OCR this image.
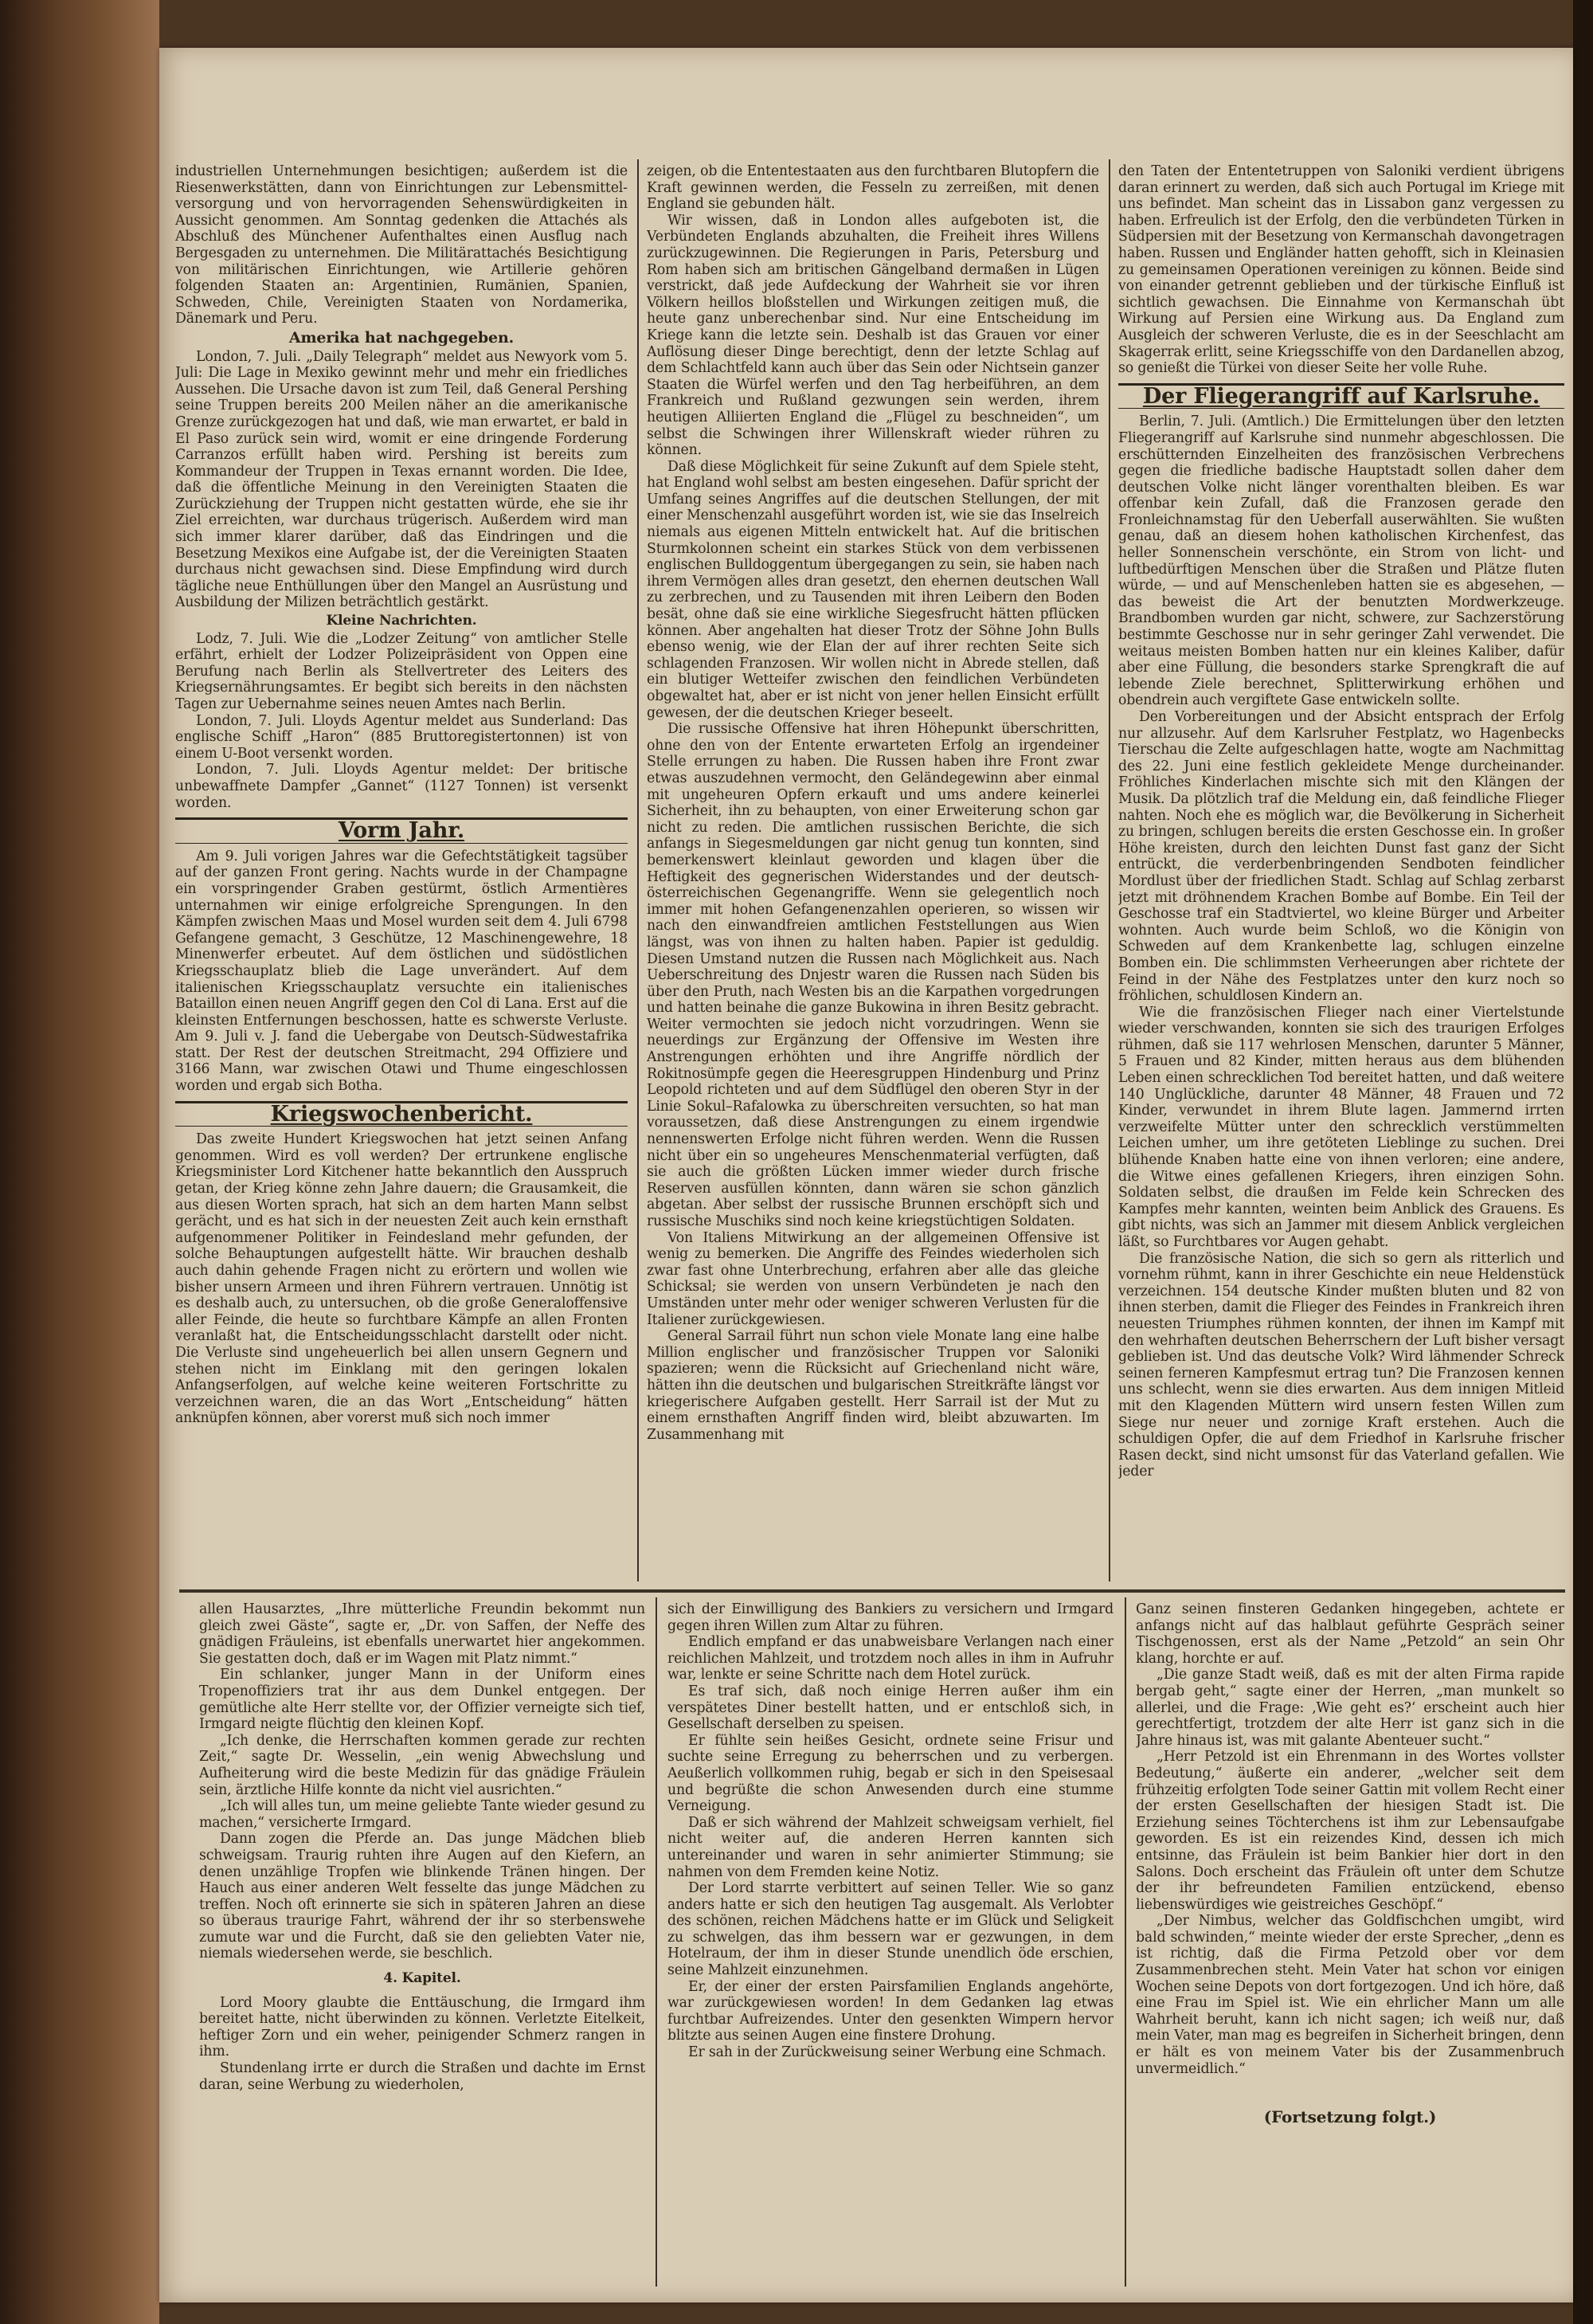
industriellen Unternehmungen besichtigen; außerdem ist die Riesenwerkstätten, dann von Einrichtungen zur Lebensmittelversorgung und von hervorragenden Sehenswürdigkeiten in Aussicht genommen. Am Sonntag gedenken die Attachés als Abschluß des Münchener Aufenthaltes einen Ausflug nach Bergesgaden zu unternehmen. Die Militärattachés Besichtigung von militärischen Einrichtungen, wie Artillerie gehören folgenden Staaten an: Argentinien, Rumänien, Spanien, Schweden, Chile, Vereinigten Staaten von Nordamerika, Dänemark und Peru.

Amerika hat nachgegeben.

London, 7. Juli. „Daily Telegraph“ meldet aus Newyork vom 5. Juli: Die Lage in Mexiko gewinnt mehr und mehr ein friedliches Aussehen. Die Ursache davon ist zum Teil, daß General Pershing seine Truppen bereits 200 Meilen näher an die amerikanische Grenze zurückgezogen hat und daß, wie man erwartet, er bald in El Paso zurück sein wird, womit er eine dringende Forderung Carranzos erfüllt haben wird. Pershing ist bereits zum Kommandeur der Truppen in Texas ernannt worden. Die Idee, daß die öffentliche Meinung in den Vereinigten Staaten die Zurückziehung der Truppen nicht gestatten würde, ehe sie ihr Ziel erreichten, war durchaus trügerisch. Außerdem wird man sich immer klarer darüber, daß das Eindringen und die Besetzung Mexikos eine Aufgabe ist, der die Vereinigten Staaten durchaus nicht gewachsen sind. Diese Empfindung wird durch tägliche neue Enthüllungen über den Mangel an Ausrüstung und Ausbildung der Milizen beträchtlich gestärkt.

Kleine Nachrichten.

Lodz, 7. Juli. Wie die „Lodzer Zeitung“ von amtlicher Stelle erfährt, erhielt der Lodzer Polizeipräsident von Oppen eine Berufung nach Berlin als Stellvertreter des Leiters des Kriegsernährungsamtes. Er begibt sich bereits in den nächsten Tagen zur Uebernahme seines neuen Amtes nach Berlin.

London, 7. Juli. Lloyds Agentur meldet aus Sunderland: Das englische Schiff „Haron“ (885 Bruttoregistertonnen) ist von einem U-Boot versenkt worden.

London, 7. Juli. Lloyds Agentur meldet: Der britische unbewaffnete Dampfer „Gannet“ (1127 Tonnen) ist versenkt worden.

Vorm Jahr.

Am 9. Juli vorigen Jahres war die Gefechtstätigkeit tagsüber auf der ganzen Front gering. Nachts wurde in der Champagne ein vorspringender Graben gestürmt, östlich Armentières unternahmen wir einige erfolgreiche Sprengungen. In den Kämpfen zwischen Maas und Mosel wurden seit dem 4. Juli 6798 Gefangene gemacht, 3 Geschütze, 12 Maschinengewehre, 18 Minenwerfer erbeutet. Auf dem östlichen und südöstlichen Kriegsschauplatz blieb die Lage unverändert. Auf dem italienischen Kriegsschauplatz versuchte ein italienisches Bataillon einen neuen Angriff gegen den Col di Lana. Erst auf die kleinsten Entfernungen beschossen, hatte es schwerste Verluste. Am 9. Juli v. J. fand die Uebergabe von Deutsch-Südwestafrika statt. Der Rest der deutschen Streitmacht, 294 Offiziere und 3166 Mann, war zwischen Otawi und Thume eingeschlossen worden und ergab sich Botha.

Kriegswochenbericht.

Das zweite Hundert Kriegswochen hat jetzt seinen Anfang genommen. Wird es voll werden? Der ertrunkene englische Kriegsminister Lord Kitchener hatte bekanntlich den Ausspruch getan, der Krieg könne zehn Jahre dauern; die Grausamkeit, die aus diesen Worten sprach, hat sich an dem harten Mann selbst gerächt, und es hat sich in der neuesten Zeit auch kein ernsthaft aufgenommener Politiker in Feindesland mehr gefunden, der solche Behauptungen aufgestellt hätte. Wir brauchen deshalb auch dahin gehende Fragen nicht zu erörtern und wollen wie bisher unsern Armeen und ihren Führern vertrauen. Unnötig ist es deshalb auch, zu untersuchen, ob die große Generaloffensive aller Feinde, die heute so furchtbare Kämpfe an allen Fronten veranlaßt hat, die Entscheidungsschlacht darstellt oder nicht. Die Verluste sind ungeheuerlich bei allen unsern Gegnern und stehen nicht im Einklang mit den geringen lokalen Anfangserfolgen, auf welche keine weiteren Fortschritte zu verzeichnen waren, die an das Wort „Entscheidung“ hätten anknüpfen können, aber vorerst muß sich noch immer

zeigen, ob die Ententestaaten aus den furchtbaren Blutopfern die Kraft gewinnen werden, die Fesseln zu zerreißen, mit denen England sie gebunden hält.

Wir wissen, daß in London alles aufgeboten ist, die Verbündeten Englands abzuhalten, die Freiheit ihres Willens zurückzugewinnen. Die Regierungen in Paris, Petersburg und Rom haben sich am britischen Gängelband dermaßen in Lügen verstrickt, daß jede Aufdeckung der Wahrheit sie vor ihren Völkern heillos bloßstellen und Wirkungen zeitigen muß, die heute ganz unberechenbar sind. Nur eine Entscheidung im Kriege kann die letzte sein. Deshalb ist das Grauen vor einer Auflösung dieser Dinge berechtigt, denn der letzte Schlag auf dem Schlachtfeld kann auch über das Sein oder Nichtsein ganzer Staaten die Würfel werfen und den Tag herbeiführen, an dem Frankreich und Rußland gezwungen sein werden, ihrem heutigen Alliierten England die „Flügel zu beschneiden“, um selbst die Schwingen ihrer Willenskraft wieder rühren zu können.

Daß diese Möglichkeit für seine Zukunft auf dem Spiele steht, hat England wohl selbst am besten eingesehen. Dafür spricht der Umfang seines Angriffes auf die deutschen Stellungen, der mit einer Menschenzahl ausgeführt worden ist, wie sie das Inselreich niemals aus eigenen Mitteln entwickelt hat. Auf die britischen Sturmkolonnen scheint ein starkes Stück von dem verbissenen englischen Bulldoggentum übergegangen zu sein, sie haben nach ihrem Vermögen alles dran gesetzt, den ehernen deutschen Wall zu zerbrechen, und zu Tausenden mit ihren Leibern den Boden besät, ohne daß sie eine wirkliche Siegesfrucht hätten pflücken können. Aber angehalten hat dieser Trotz der Söhne John Bulls ebenso wenig, wie der Elan der auf ihrer rechten Seite sich schlagenden Franzosen. Wir wollen nicht in Abrede stellen, daß ein blutiger Wetteifer zwischen den feindlichen Verbündeten obgewaltet hat, aber er ist nicht von jener hellen Einsicht erfüllt gewesen, der die deutschen Krieger beseelt.

Die russische Offensive hat ihren Höhepunkt überschritten, ohne den von der Entente erwarteten Erfolg an irgendeiner Stelle errungen zu haben. Die Russen haben ihre Front zwar etwas auszudehnen vermocht, den Geländegewinn aber einmal mit ungeheuren Opfern erkauft und ums andere keinerlei Sicherheit, ihn zu behaupten, von einer Erweiterung schon gar nicht zu reden. Die amtlichen russischen Berichte, die sich anfangs in Siegesmeldungen gar nicht genug tun konnten, sind bemerkenswert kleinlaut geworden und klagen über die Heftigkeit des gegnerischen Widerstandes und der deutsch-österreichischen Gegenangriffe. Wenn sie gelegentlich noch immer mit hohen Gefangenenzahlen operieren, so wissen wir nach den einwandfreien amtlichen Feststellungen aus Wien längst, was von ihnen zu halten haben. Papier ist geduldig. Diesen Umstand nutzen die Russen nach Möglichkeit aus. Nach Ueberschreitung des Dnjestr waren die Russen nach Süden bis über den Pruth, nach Westen bis an die Karpathen vorgedrungen und hatten beinahe die ganze Bukowina in ihren Besitz gebracht. Weiter vermochten sie jedoch nicht vorzudringen. Wenn sie neuerdings zur Ergänzung der Offensive im Westen ihre Anstrengungen erhöhten und ihre Angriffe nördlich der Rokitnosümpfe gegen die Heeresgruppen Hindenburg und Prinz Leopold richteten und auf dem Südflügel den oberen Styr in der Linie Sokul–Rafalowka zu überschreiten versuchten, so hat man voraussetzen, daß diese Anstrengungen zu einem irgendwie nennenswerten Erfolge nicht führen werden. Wenn die Russen nicht über ein so ungeheures Menschenmaterial verfügten, daß sie auch die größten Lücken immer wieder durch frische Reserven ausfüllen könnten, dann wären sie schon gänzlich abgetan. Aber selbst der russische Brunnen erschöpft sich und russische Muschiks sind noch keine kriegstüchtigen Soldaten.

Von Italiens Mitwirkung an der allgemeinen Offensive ist wenig zu bemerken. Die Angriffe des Feindes wiederholen sich zwar fast ohne Unterbrechung, erfahren aber alle das gleiche Schicksal; sie werden von unsern Verbündeten je nach den Umständen unter mehr oder weniger schweren Verlusten für die Italiener zurückgewiesen.

General Sarrail führt nun schon viele Monate lang eine halbe Million englischer und französischer Truppen vor Saloniki spazieren; wenn die Rücksicht auf Griechenland nicht wäre, hätten ihn die deutschen und bulgarischen Streitkräfte längst vor kriegerischere Aufgaben gestellt. Herr Sarrail ist der Mut zu einem ernsthaften Angriff finden wird, bleibt abzuwarten. Im Zusammenhang mit

den Taten der Ententetruppen von Saloniki verdient übrigens daran erinnert zu werden, daß sich auch Portugal im Kriege mit uns befindet. Man scheint das in Lissabon ganz vergessen zu haben. Erfreulich ist der Erfolg, den die verbündeten Türken in Südpersien mit der Besetzung von Kermanschah davongetragen haben. Russen und Engländer hatten gehofft, sich in Kleinasien zu gemeinsamen Operationen vereinigen zu können. Beide sind von einander getrennt geblieben und der türkische Einfluß ist sichtlich gewachsen. Die Einnahme von Kermanschah übt Wirkung auf Persien eine Wirkung aus. Da England zum Ausgleich der schweren Verluste, die es in der Seeschlacht am Skagerrak erlitt, seine Kriegsschiffe von den Dardanellen abzog, so genießt die Türkei von dieser Seite her volle Ruhe.

Der Fliegerangriff auf Karlsruhe.

Berlin, 7. Juli. (Amtlich.) Die Ermittelungen über den letzten Fliegerangriff auf Karlsruhe sind nunmehr abgeschlossen. Die erschütternden Einzelheiten des französischen Verbrechens gegen die friedliche badische Hauptstadt sollen daher dem deutschen Volke nicht länger vorenthalten bleiben. Es war offenbar kein Zufall, daß die Franzosen gerade den Fronleichnamstag für den Ueberfall auserwählten. Sie wußten genau, daß an diesem hohen katholischen Kirchenfest, das heller Sonnenschein verschönte, ein Strom von licht- und luftbedürftigen Menschen über die Straßen und Plätze fluten würde, — und auf Menschenleben hatten sie es abgesehen, — das beweist die Art der benutzten Mordwerkzeuge. Brandbomben wurden gar nicht, schwere, zur Sachzerstörung bestimmte Geschosse nur in sehr geringer Zahl verwendet. Die weitaus meisten Bomben hatten nur ein kleines Kaliber, dafür aber eine Füllung, die besonders starke Sprengkraft die auf lebende Ziele berechnet, Splitterwirkung erhöhen und obendrein auch vergiftete Gase entwickeln sollte.

Den Vorbereitungen und der Absicht entsprach der Erfolg nur allzusehr. Auf dem Karlsruher Festplatz, wo Hagenbecks Tierschau die Zelte aufgeschlagen hatte, wogte am Nachmittag des 22. Juni eine festlich gekleidete Menge durcheinander. Fröhliches Kinderlachen mischte sich mit den Klängen der Musik. Da plötzlich traf die Meldung ein, daß feindliche Flieger nahten. Noch ehe es möglich war, die Bevölkerung in Sicherheit zu bringen, schlugen bereits die ersten Geschosse ein. In großer Höhe kreisten, durch den leichten Dunst fast ganz der Sicht entrückt, die verderbenbringenden Sendboten feindlicher Mordlust über der friedlichen Stadt. Schlag auf Schlag zerbarst jetzt mit dröhnendem Krachen Bombe auf Bombe. Ein Teil der Geschosse traf ein Stadtviertel, wo kleine Bürger und Arbeiter wohnten. Auch wurde beim Schloß, wo die Königin von Schweden auf dem Krankenbette lag, schlugen einzelne Bomben ein. Die schlimmsten Verheerungen aber richtete der Feind in der Nähe des Festplatzes unter den kurz noch so fröhlichen, schuldlosen Kindern an.

Wie die französischen Flieger nach einer Viertelstunde wieder verschwanden, konnten sie sich des traurigen Erfolges rühmen, daß sie 117 wehrlosen Menschen, darunter 5 Männer, 5 Frauen und 82 Kinder, mitten heraus aus dem blühenden Leben einen schrecklichen Tod bereitet hatten, und daß weitere 140 Unglückliche, darunter 48 Männer, 48 Frauen und 72 Kinder, verwundet in ihrem Blute lagen. Jammernd irrten verzweifelte Mütter unter den schrecklich verstümmelten Leichen umher, um ihre getöteten Lieblinge zu suchen. Drei blühende Knaben hatte eine von ihnen verloren; eine andere, die Witwe eines gefallenen Kriegers, ihren einzigen Sohn. Soldaten selbst, die draußen im Felde kein Schrecken des Kampfes mehr kannten, weinten beim Anblick des Grauens. Es gibt nichts, was sich an Jammer mit diesem Anblick vergleichen läßt, so Furchtbares vor Augen gehabt.

Die französische Nation, die sich so gern als ritterlich und vornehm rühmt, kann in ihrer Geschichte ein neue Heldenstück verzeichnen. 154 deutsche Kinder mußten bluten und 82 von ihnen sterben, damit die Flieger des Feindes in Frankreich ihren neuesten Triumphes rühmen konnten, der ihnen im Kampf mit den wehrhaften deutschen Beherrschern der Luft bisher versagt geblieben ist. Und das deutsche Volk? Wird lähmender Schreck seinen ferneren Kampfesmut ertrag tun? Die Franzosen kennen uns schlecht, wenn sie dies erwarten. Aus dem innigen Mitleid mit den Klagenden Müttern wird unsern festen Willen zum Siege nur neuer und zornige Kraft erstehen. Auch die schuldigen Opfer, die auf dem Friedhof in Karlsruhe frischer Rasen deckt, sind nicht umsonst für das Vaterland gefallen. Wie jeder

allen Hausarztes, „Ihre mütterliche Freundin bekommt nun gleich zwei Gäste“, sagte er, „Dr. von Saffen, der Neffe des gnädigen Fräuleins, ist ebenfalls unerwartet hier angekommen. Sie gestatten doch, daß er im Wagen mit Platz nimmt.“

Ein schlanker, junger Mann in der Uniform eines Tropenoffiziers trat ihr aus dem Dunkel entgegen. Der gemütliche alte Herr stellte vor, der Offizier verneigte sich tief, Irmgard neigte flüchtig den kleinen Kopf.

„Ich denke, die Herrschaften kommen gerade zur rechten Zeit,“ sagte Dr. Wesselin, „ein wenig Abwechslung und Aufheiterung wird die beste Medizin für das gnädige Fräulein sein, ärztliche Hilfe konnte da nicht viel ausrichten.“

„Ich will alles tun, um meine geliebte Tante wieder gesund zu machen,“ versicherte Irmgard.

Dann zogen die Pferde an. Das junge Mädchen blieb schweigsam. Traurig ruhten ihre Augen auf den Kiefern, an denen unzählige Tropfen wie blinkende Tränen hingen. Der Hauch aus einer anderen Welt fesselte das junge Mädchen zu treffen. Noch oft erinnerte sie sich in späteren Jahren an diese so überaus traurige Fahrt, während der ihr so sterbenswehe zumute war und die Furcht, daß sie den geliebten Vater nie, niemals wiedersehen werde, sie beschlich.

4. Kapitel.

Lord Moory glaubte die Enttäuschung, die Irmgard ihm bereitet hatte, nicht überwinden zu können. Verletzte Eitelkeit, heftiger Zorn und ein weher, peinigender Schmerz rangen in ihm.

Stundenlang irrte er durch die Straßen und dachte im Ernst daran, seine Werbung zu wiederholen,

sich der Einwilligung des Bankiers zu versichern und Irmgard gegen ihren Willen zum Altar zu führen.

Endlich empfand er das unabweisbare Verlangen nach einer reichlichen Mahlzeit, und trotzdem noch alles in ihm in Aufruhr war, lenkte er seine Schritte nach dem Hotel zurück.

Es traf sich, daß noch einige Herren außer ihm ein verspätetes Diner bestellt hatten, und er entschloß sich, in Gesellschaft derselben zu speisen.

Er fühlte sein heißes Gesicht, ordnete seine Frisur und suchte seine Erregung zu beherrschen und zu verbergen. Aeußerlich vollkommen ruhig, begab er sich in den Speisesaal und begrüßte die schon Anwesenden durch eine stumme Verneigung.

Daß er sich während der Mahlzeit schweigsam verhielt, fiel nicht weiter auf, die anderen Herren kannten sich untereinander und waren in sehr animierter Stimmung; sie nahmen von dem Fremden keine Notiz.

Der Lord starrte verbittert auf seinen Teller. Wie so ganz anders hatte er sich den heutigen Tag ausgemalt. Als Verlobter des schönen, reichen Mädchens hatte er im Glück und Seligkeit zu schwelgen, das ihm bessern war er gezwungen, in dem Hotelraum, der ihm in dieser Stunde unendlich öde erschien, seine Mahlzeit einzunehmen.

Er, der einer der ersten Pairsfamilien Englands angehörte, war zurückgewiesen worden! In dem Gedanken lag etwas furchtbar Aufreizendes. Unter den gesenkten Wimpern hervor blitzte aus seinen Augen eine finstere Drohung.

Er sah in der Zurückweisung seiner Werbung eine Schmach.

Ganz seinen finsteren Gedanken hingegeben, achtete er anfangs nicht auf das halblaut geführte Gespräch seiner Tischgenossen, erst als der Name „Petzold“ an sein Ohr klang, horchte er auf.

„Die ganze Stadt weiß, daß es mit der alten Firma rapide bergab geht,“ sagte einer der Herren, „man munkelt so allerlei, und die Frage: ‚Wie geht es?‘ erscheint auch hier gerechtfertigt, trotzdem der alte Herr ist ganz sich in die Jahre hinaus ist, was mit galante Abenteuer sucht.“

„Herr Petzold ist ein Ehrenmann in des Wortes vollster Bedeutung,“ äußerte ein anderer, „welcher seit dem frühzeitig erfolgten Tode seiner Gattin mit vollem Recht einer der ersten Gesellschaften der hiesigen Stadt ist. Die Erziehung seines Töchterchens ist ihm zur Lebensaufgabe geworden. Es ist ein reizendes Kind, dessen ich mich entsinne, das Fräulein ist beim Bankier hier dort in den Salons. Doch erscheint das Fräulein oft unter dem Schutze der ihr befreundeten Familien entzückend, ebenso liebenswürdiges wie geistreiches Geschöpf.“

„Der Nimbus, welcher das Goldfischchen umgibt, wird bald schwinden,“ meinte wieder der erste Sprecher, „denn es ist richtig, daß die Firma Petzold ober vor dem Zusammenbrechen steht. Mein Vater hat schon vor einigen Wochen seine Depots von dort fortgezogen. Und ich höre, daß eine Frau im Spiel ist. Wie ein ehrlicher Mann um alle Wahrheit beruht, kann ich nicht sagen; ich weiß nur, daß mein Vater, man mag es begreifen in Sicherheit bringen, denn er hält es von meinem Vater bis der Zusammenbruch unvermeidlich.“

(Fortsetzung folgt.)
